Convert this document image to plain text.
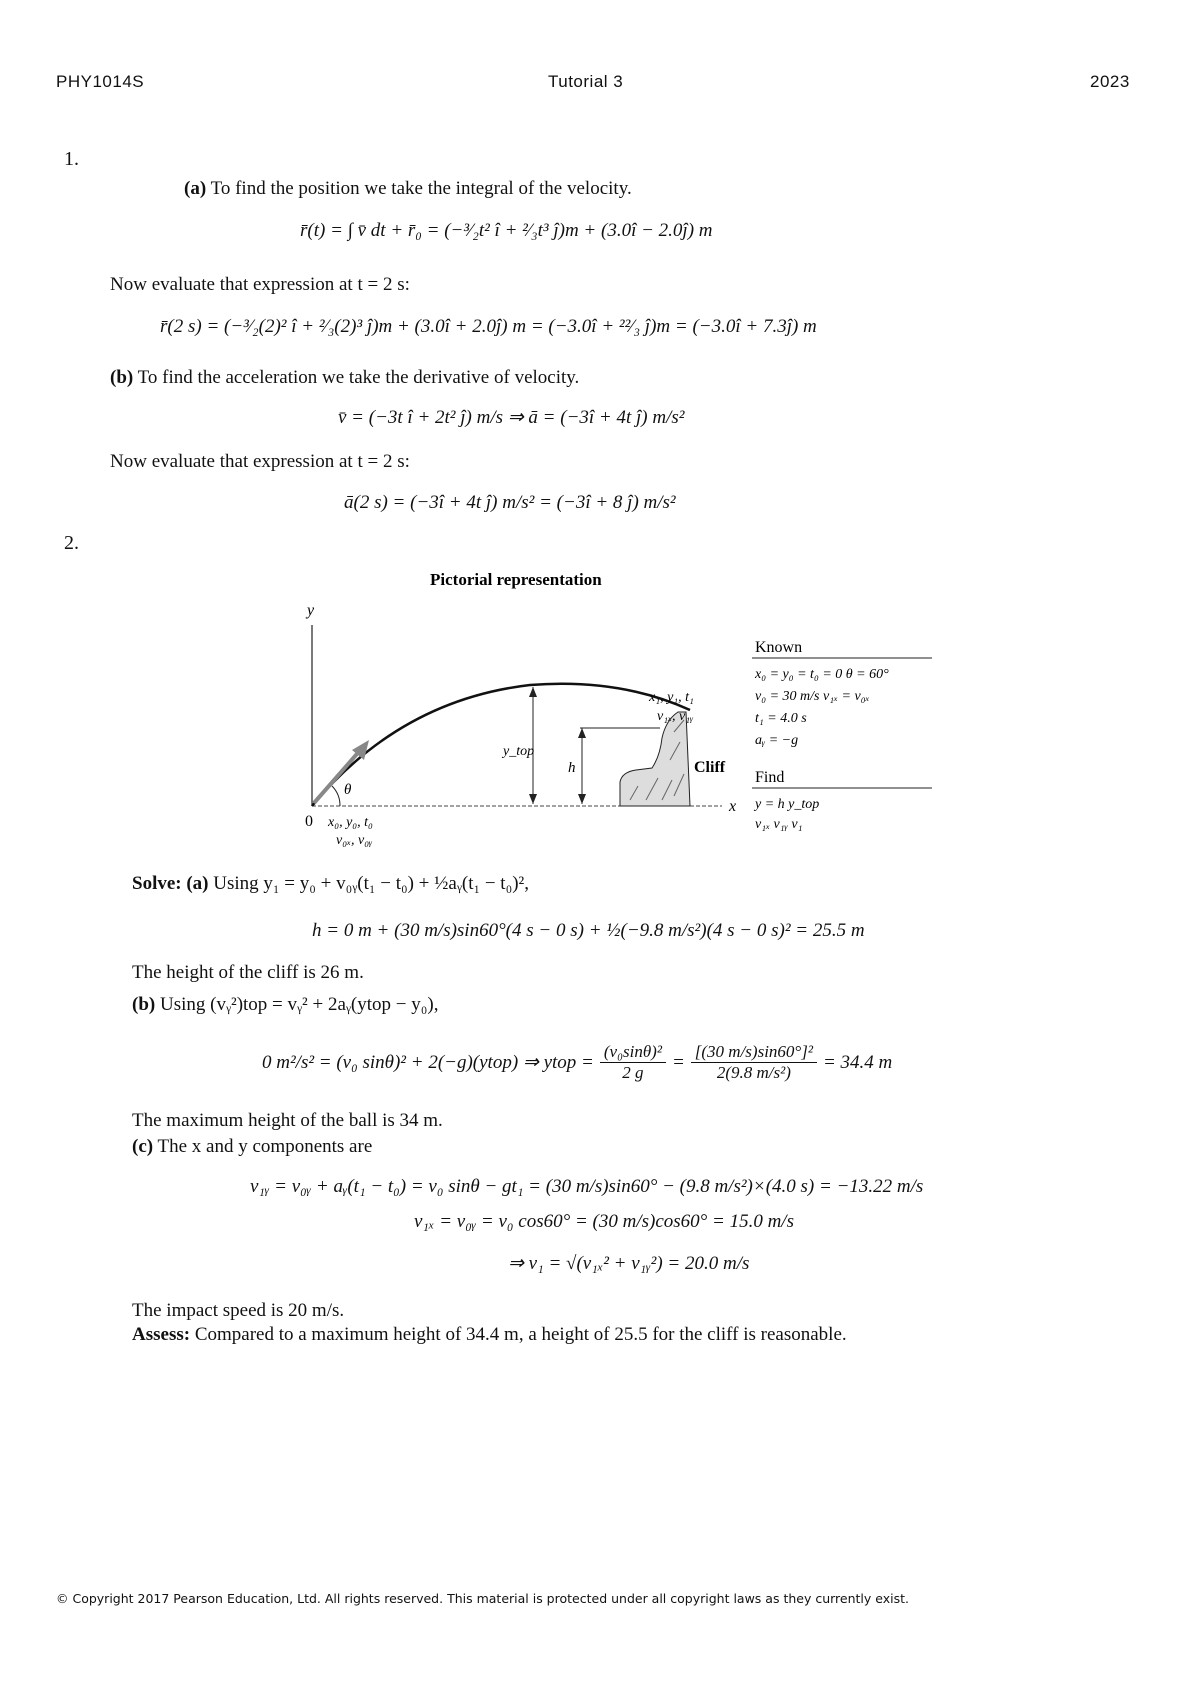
PHY1014S	Tutorial 3	2023
1.
(a) To find the position we take the integral of the velocity.
r̄(t) = ∫ v̄ dt + r̄₀ = (−³⁄₂t² î + ²⁄₃t³ ĵ)m + (3.0î − 2.0ĵ) m
Now evaluate that expression at t = 2 s:
r̄(2 s) = (−³⁄₂(2)² î + ²⁄₃(2)³ ĵ)m + (3.0î + 2.0ĵ) m = (−3.0î + ²²⁄₃ ĵ)m = (−3.0î + 7.3ĵ) m
(b) To find the acceleration we take the derivative of velocity.
v̄ = (−3t î + 2t² ĵ) m/s ⇒ ā = (−3î + 4t ĵ) m/s²
Now evaluate that expression at t = 2 s:
ā(2 s) = (−3î + 4t ĵ) m/s² = (−3î + 8 ĵ) m/s²
2.
Pictorial representation
y
x
0 x₀, y₀, t₀
v₀ₓ, v₀ᵧ
θ
y_top
h	Cliff
x₁, y₁, t₁
v₁ₓ, v₁ᵧ
Known
x₀ = y₀ = t₀ = 0 θ = 60°
v₀ = 30 m/s v₁ₓ = v₀ₓ
t₁ = 4.0 s
aᵧ = −g
Find
y = h y_top
v₁ₓ v₁ᵧ v₁
Solve: (a) Using y₁ = y₀ + v₀ᵧ(t₁ − t₀) + ½aᵧ(t₁ − t₀)²,
h = 0 m + (30 m/s)sin60°(4 s − 0 s) + ½(−9.8 m/s²)(4 s − 0 s)² = 25.5 m
The height of the cliff is 26 m.
(b) Using (vᵧ²)top = vᵧ² + 2aᵧ(ytop − y₀),
0 m²/s² = (v₀ sinθ)² + 2(−g)(ytop) ⇒ ytop = $\frac{\text{(v₀sinθ)²}}{2 g} = \frac{\text{[(30 m/s)sin60°]²}}{\text{2(9.8 m/s²)}} = 34.4$ m
The maximum height of the ball is 34 m.
(c) The x and y components are
v₁ᵧ = v₀ᵧ + aᵧ(t₁ − t₀) = v₀ sinθ − gt₁ = (30 m/s)sin60° − (9.8 m/s²)×(4.0 s) = −13.22 m/s
v₁ₓ = v₀ᵧ = v₀ cos60° = (30 m/s)cos60° = 15.0 m/s
⇒ v₁ = √(v₁ₓ² + v₁ᵧ²) = 20.0 m/s
The impact speed is 20 m/s.
Assess: Compared to a maximum height of 34.4 m, a height of 25.5 for the cliff is reasonable.
© Copyright 2017 Pearson Education, Ltd. All rights reserved. This material is protected under all copyright laws as they currently exist.
